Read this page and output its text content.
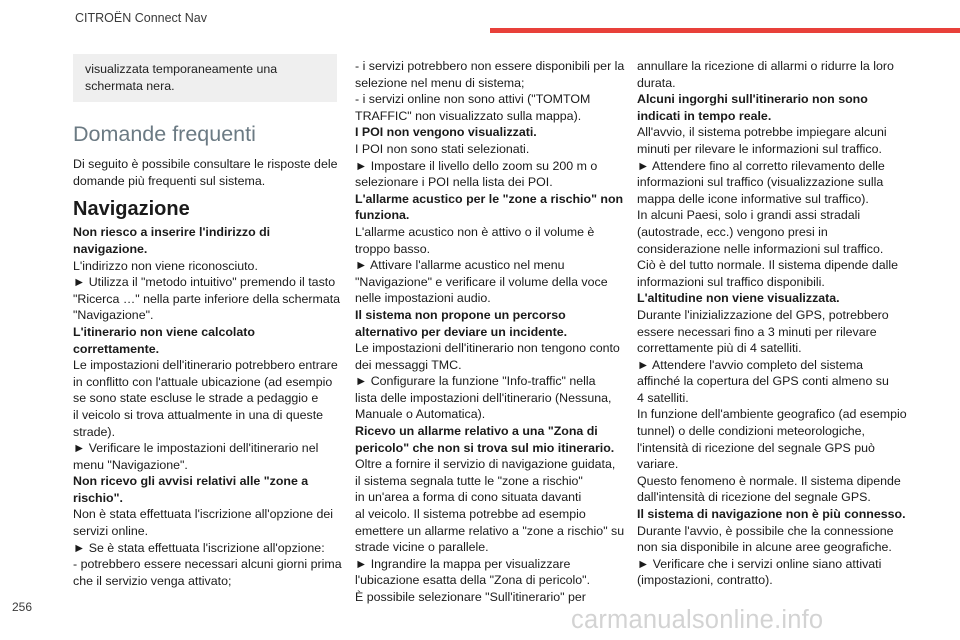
CITROËN Connect Nav
visualizzata temporaneamente una
schermata nera.
Domande frequenti
Di seguito è possibile consultare le risposte dele
domande più frequenti sul sistema.
Navigazione
Non riesco a inserire l'indirizzo di
navigazione.
L'indirizzo non viene riconosciuto.
► Utilizza il "metodo intuitivo" premendo il tasto
"Ricerca …" nella parte inferiore della schermata
"Navigazione".
L'itinerario non viene calcolato
correttamente.
Le impostazioni dell'itinerario potrebbero entrare
in conflitto con l'attuale ubicazione (ad esempio
se sono state escluse le strade a pedaggio e
il veicolo si trova attualmente in una di queste
strade).
► Verificare le impostazioni dell'itinerario nel
menu "Navigazione".
Non ricevo gli avvisi relativi alle "zone a
rischio".
Non è stata effettuata l'iscrizione all'opzione dei
servizi online.
► Se è stata effettuata l'iscrizione all'opzione:
- potrebbero essere necessari alcuni giorni prima
che il servizio venga attivato;
- i servizi potrebbero non essere disponibili per la
selezione nel menu di sistema;
- i servizi online non sono attivi ("TOMTOM
TRAFFIC" non visualizzato sulla mappa).
I POI non vengono visualizzati.
I POI non sono stati selezionati.
► Impostare il livello dello zoom su 200 m o
selezionare i POI nella lista dei POI.
L'allarme acustico per le "zone a rischio" non
funziona.
L'allarme acustico non è attivo o il volume è
troppo basso.
► Attivare l'allarme acustico nel menu
"Navigazione" e verificare il volume della voce
nelle impostazioni audio.
Il sistema non propone un percorso
alternativo per deviare un incidente.
Le impostazioni dell'itinerario non tengono conto
dei messaggi TMC.
► Configurare la funzione "Info-traffic" nella
lista delle impostazioni dell'itinerario (Nessuna,
Manuale o Automatica).
Ricevo un allarme relativo a una "Zona di
pericolo" che non si trova sul mio itinerario.
Oltre a fornire il servizio di navigazione guidata,
il sistema segnala tutte le "zone a rischio"
in un'area a forma di cono situata davanti
al veicolo. Il sistema potrebbe ad esempio
emettere un allarme relativo a "zone a rischio" su
strade vicine o parallele.
► Ingrandire la mappa per visualizzare
l'ubicazione esatta della "Zona di pericolo".
È possibile selezionare "Sull'itinerario" per
annullare la ricezione di allarmi o ridurre la loro
durata.
Alcuni ingorghi sull'itinerario non sono
indicati in tempo reale.
All'avvio, il sistema potrebbe impiegare alcuni
minuti per rilevare le informazioni sul traffico.
► Attendere fino al corretto rilevamento delle
informazioni sul traffico (visualizzazione sulla
mappa delle icone informative sul traffico).
In alcuni Paesi, solo i grandi assi stradali
(autostrade, ecc.) vengono presi in
considerazione nelle informazioni sul traffico.
Ciò è del tutto normale. Il sistema dipende dalle
informazioni sul traffico disponibili.
L'altitudine non viene visualizzata.
Durante l'inizializzazione del GPS, potrebbero
essere necessari fino a 3 minuti per rilevare
correttamente più di 4 satelliti.
► Attendere l'avvio completo del sistema
affinché la copertura del GPS conti almeno su
4 satelliti.
In funzione dell'ambiente geografico (ad esempio
tunnel) o delle condizioni meteorologiche,
l'intensità di ricezione del segnale GPS può
variare.
Questo fenomeno è normale. Il sistema dipende
dall'intensità di ricezione del segnale GPS.
Il sistema di navigazione non è più connesso.
Durante l'avvio, è possibile che la connessione
non sia disponibile in alcune aree geografiche.
► Verificare che i servizi online siano attivati
(impostazioni, contratto).
256	carmanualsonline.info
